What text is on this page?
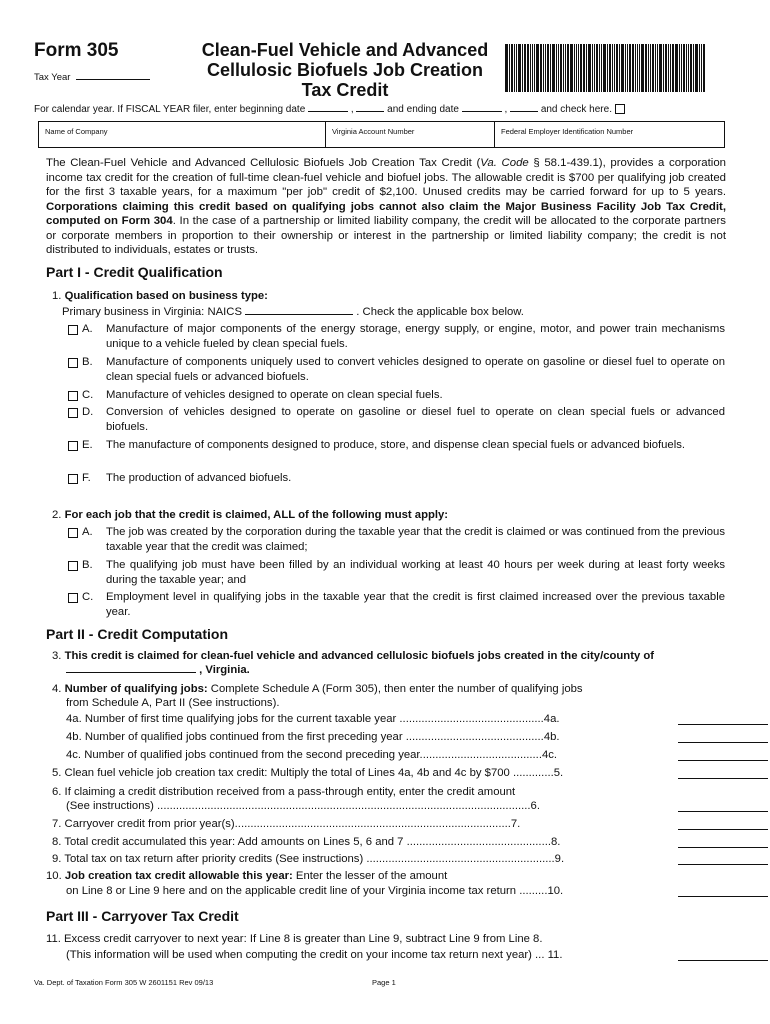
Form 305
Tax Year
Clean-Fuel Vehicle and Advanced
Cellulosic Biofuels Job Creation
Tax Credit
For calendar year. If FISCAL YEAR filer, enter beginning date	,	and ending date	,	and check here.
Name of Company	Virginia Account Number	Federal Employer Identification Number
The Clean-Fuel Vehicle and Advanced Cellulosic Biofuels Job Creation Tax Credit (Va. Code § 58.1-439.1), provides a corporation income tax credit for the creation of full-time clean-fuel vehicle and biofuel jobs. The allowable credit is $700 per qualifying job created for the first 3 taxable years, for a maximum "per job" credit of $2,100. Unused credits may be carried forward for up to 5 years. Corporations claiming this credit based on qualifying jobs cannot also claim the Major Business Facility Job Tax Credit, computed on Form 304. In the case of a partnership or limited liability company, the credit will be allocated to the corporate partners or corporate members in proportion to their ownership or interest in the partnership or limited liability company; the credit is not distributed to individuals, estates or trusts.
Part I - Credit Qualification
1. Qualification based on business type:
Primary business in Virginia: NAICS	. Check the applicable box below.
A. Manufacture of major components of the energy storage, energy supply, or engine, motor, and power train mechanisms unique to a vehicle fueled by clean special fuels.
B. Manufacture of components uniquely used to convert vehicles designed to operate on gasoline or diesel fuel to operate on clean special fuels or advanced biofuels.
C. Manufacture of vehicles designed to operate on clean special fuels.
D. Conversion of vehicles designed to operate on gasoline or diesel fuel to operate on clean special fuels or advanced biofuels.
E. The manufacture of components designed to produce, store, and dispense clean special fuels or advanced biofuels.
F. The production of advanced biofuels.
2. For each job that the credit is claimed, ALL of the following must apply:
A. The job was created by the corporation during the taxable year that the credit is claimed or was continued from the previous taxable year that the credit was claimed;
B. The qualifying job must have been filled by an individual working at least 40 hours per week during at least forty weeks during the taxable year; and
C. Employment level in qualifying jobs in the taxable year that the credit is first claimed increased over the previous taxable year.
Part II - Credit Computation
3. This credit is claimed for clean-fuel vehicle and advanced cellulosic biofuels jobs created in the city/county of
, Virginia.
4. Number of qualifying jobs: Complete Schedule A (Form 305), then enter the number of qualifying jobs
from Schedule A, Part II (See instructions).
4a. Number of first time qualifying jobs for the current taxable year ..............................................4a.
4b. Number of qualified jobs continued from the first preceding year ............................................4b.
4c. Number of qualified jobs continued from the second preceding year.......................................4c.
5. Clean fuel vehicle job creation tax credit: Multiply the total of Lines 4a, 4b and 4c by $700 .............5.
6. If claiming a credit distribution received from a pass-through entity, enter the credit amount
(See instructions) .......................................................................................................................6.
7. Carryover credit from prior year(s)........................................................................................7.
8. Total credit accumulated this year: Add amounts on Lines 5, 6 and 7 ..............................................8.
9. Total tax on tax return after priority credits (See instructions) ............................................................9.
10. Job creation tax credit allowable this year: Enter the lesser of the amount
on Line 8 or Line 9 here and on the applicable credit line of your Virginia income tax return .........10.
Part III - Carryover Tax Credit
11. Excess credit carryover to next year: If Line 8 is greater than Line 9, subtract Line 9 from Line 8.
(This information will be used when computing the credit on your income tax return next year) ... 11.
Va. Dept. of Taxation Form 305 W 2601151 Rev 09/13	Page 1
